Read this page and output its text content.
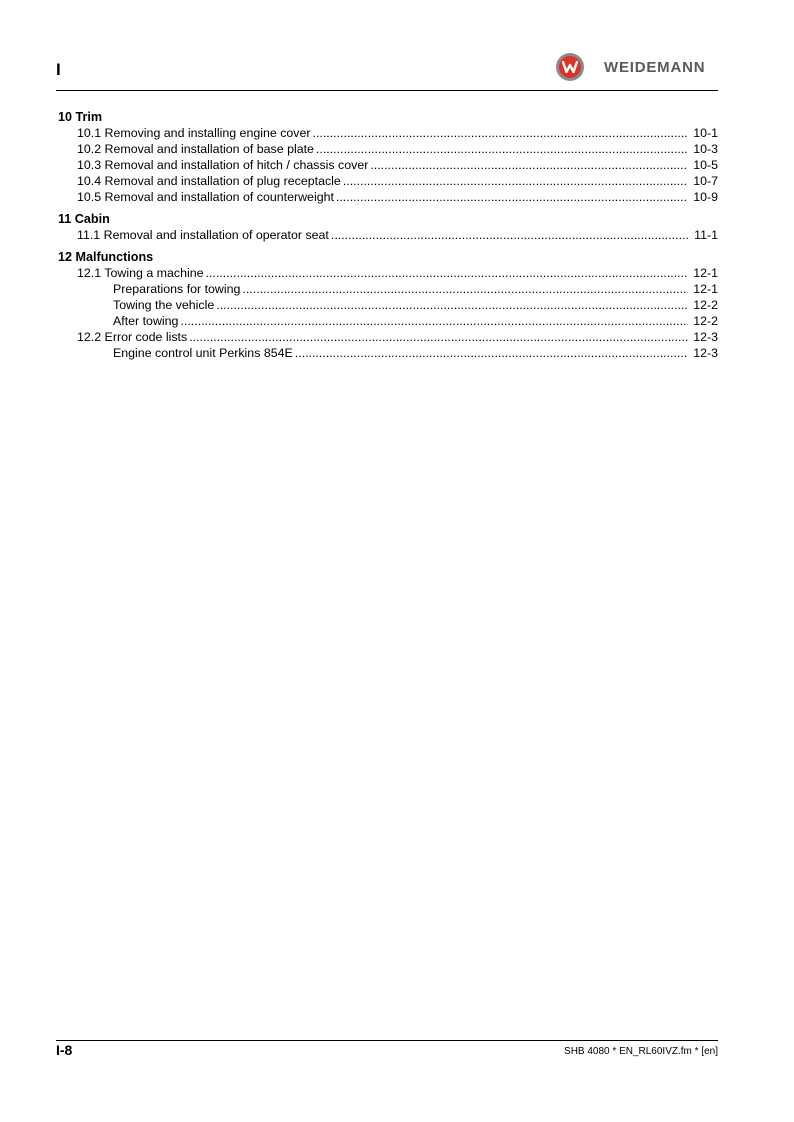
I	WEIDEMANN
10 Trim
10.1 Removing and installing engine cover .....	10-1
10.2 Removal and installation of base plate .....	10-3
10.3 Removal and installation of hitch / chassis cover .....	10-5
10.4 Removal and installation of plug receptacle .....	10-7
10.5 Removal and installation of counterweight .....	10-9
11 Cabin
11.1 Removal and installation of operator seat .....	11-1
12 Malfunctions
12.1 Towing a machine .....	12-1
Preparations for towing .....	12-1
Towing the vehicle .....	12-2
After towing .....	12-2
12.2 Error code lists .....	12-3
Engine control unit Perkins 854E .....	12-3
I-8	SHB 4080 * EN_RL60IVZ.fm * [en]
